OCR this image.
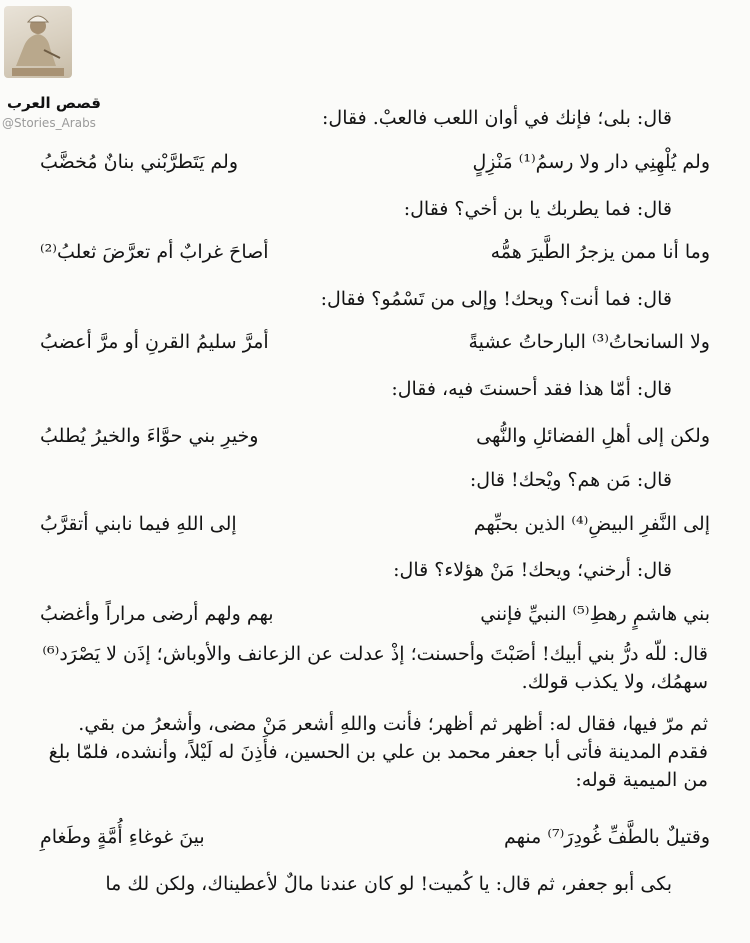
قصص العرب
@Stories_Arabs	قال: بلى؛ فإنك في أوان اللعب فالعبْ. فقال:
ولم يُلْهِنِي دار ولا رسمُ⁽¹⁾ مَنْزِلٍ
ولم يَتَطرَّبْني بنانٌ مُخضَّبُ
قال: فما يطربك يا بن أخي؟ فقال:
وما أنا ممن يزجرُ الطَّيرَ همُّه
أصاحَ غرابٌ أم تعرَّضَ ثعلبُ⁽²⁾
قال: فما أنت؟ ويحك! وإلى من تَسْمُو؟ فقال:
ولا السانحاتُ⁽³⁾ البارحاتُ عشيةً
أمرَّ سليمُ القرنِ أو مرَّ أعضبُ
قال: أمّا هذا فقد أحسنتَ فيه، فقال:
ولكن إلى أهلِ الفضائلِ والنُّهى
وخيرِ بني حوَّاءَ والخيرُ يُطلبُ
قال: مَن هم؟ ويْحك! قال:
إلى النَّفرِ البيضِ⁽⁴⁾ الذين بحبِّهم
إلى اللهِ فيما نابني أتقرَّبُ
قال: أرخني؛ ويحك! مَنْ هؤلاء؟ قال:
بني هاشمٍ رهطِ⁽⁵⁾ النبيِّ فإنني
بهم ولهم أرضى مراراً وأغضبُ
قال: للّه درُّ بني أبيك! أصَبْتَ وأحسنت؛ إذْ عدلت عن الزعانف والأوباش؛ إذَن لا يَصْرَد⁽⁶⁾ سهمُك، ولا يكذب قولك.
ثم مرّ فيها، فقال له: أظهر ثم أظهر؛ فأنت واللهِ أشعر مَنْ مضى، وأشعرُ من بقي. فقدم المدينة فأتى أبا جعفر محمد بن علي بن الحسين، فأَذِنَ له لَيْلاً، وأنشده، فلمّا بلغ من الميمية قوله:
وقتيلٌ بالطَّفِّ غُودِرَ⁽⁷⁾ منهم
بينَ غوغاءِ أُمَّةٍ وطَغامِ
بكى أبو جعفر، ثم قال: يا كُميت! لو كان عندنا مالٌ لأعطيناك، ولكن لك ما
